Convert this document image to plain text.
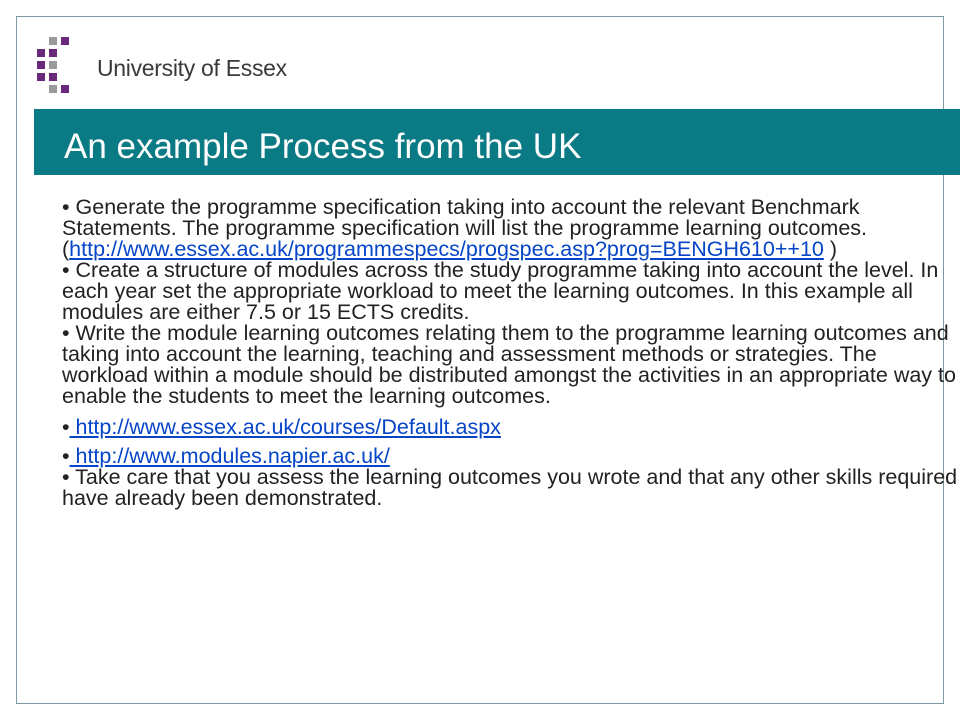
University of Essex
An example Process from the UK
• Generate the programme specification taking into account the relevant Benchmark Statements. The programme specification will list the programme learning outcomes. (http://www.essex.ac.uk/programmespecs/progspec.asp?prog=BENGH610++10 )
• Create a structure of modules across the study programme taking into account the level. In each year set the appropriate workload to meet the learning outcomes. In this example all modules are either 7.5 or 15 ECTS credits.
• Write the module learning outcomes relating them to the programme learning outcomes and taking into account the learning, teaching and assessment methods or strategies. The workload within a module should be distributed amongst the activities in an appropriate way to enable the students to meet the learning outcomes.
• http://www.essex.ac.uk/courses/Default.aspx
• http://www.modules.napier.ac.uk/
• Take care that you assess the learning outcomes you wrote and that any other skills required have already been demonstrated.
